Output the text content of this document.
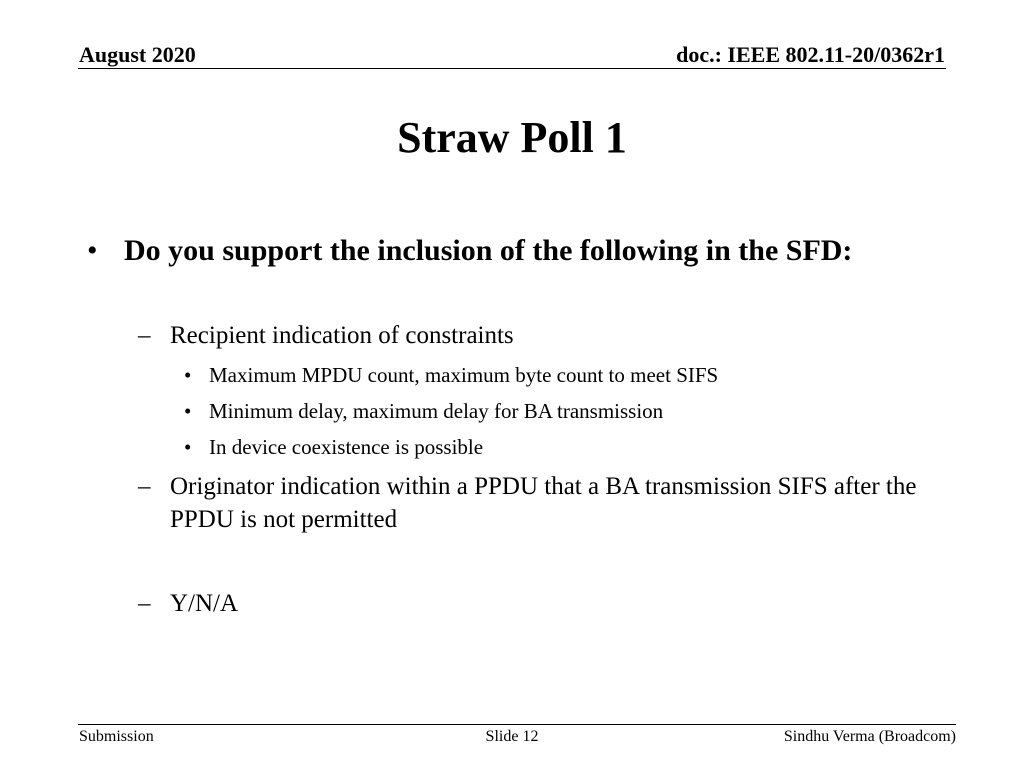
August 2020	doc.: IEEE 802.11-20/0362r1
Straw Poll 1
• Do you support the inclusion of the following in the SFD:
– Recipient indication of constraints
• Maximum MPDU count, maximum byte count to meet SIFS
• Minimum delay, maximum delay for BA transmission
• In device coexistence is possible
– Originator indication within a PPDU that a BA transmission SIFS after the PPDU is not permitted
– Y/N/A
Submission	Slide 12	Sindhu Verma (Broadcom)
